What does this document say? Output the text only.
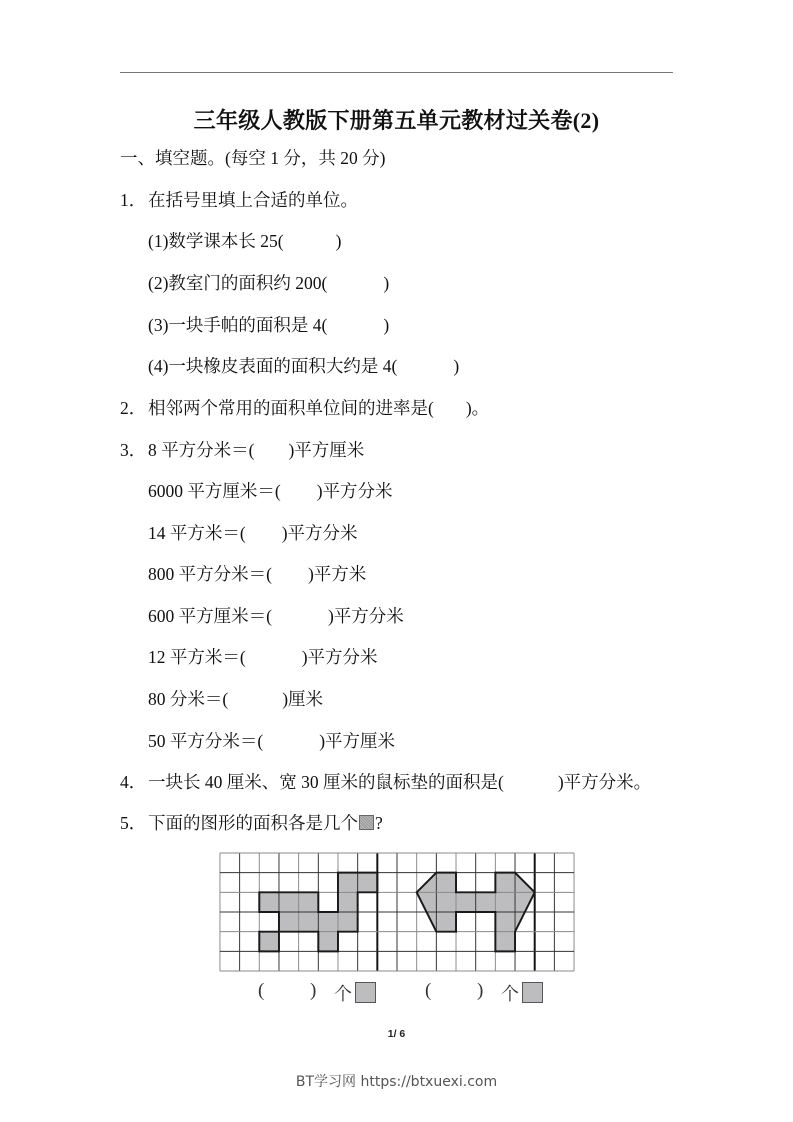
三年级人教版下册第五单元教材过关卷(2)
一、填空题。(每空 1 分，共 20 分)
1． 在括号里填上合适的单位。
(1)数学课本长 25(	)
(2)教室门的面积约 200(	)
(3)一块手帕的面积是 4(	)
(4)一块橡皮表面的面积大约是 4(	)
2． 相邻两个常用的面积单位间的进率是( )。
3． 8 平方分米＝( )平方厘米
6000 平方厘米＝( )平方分米
14 平方米＝( )平方分米
800 平方分米＝( )平方米
600 平方厘米＝(	)平方分米
12 平方米＝(	)平方分米
80 分米＝(	)厘米
50 平方分米＝(	)平方厘米
4． 一块长 40 厘米、宽 30 厘米的鼠标垫的面积是(	)平方分米。
5． 下面的图形的面积各是几个 ?
( ) 个	( ) 个
1/ 6
BT学习网 https://btxuexi.com
